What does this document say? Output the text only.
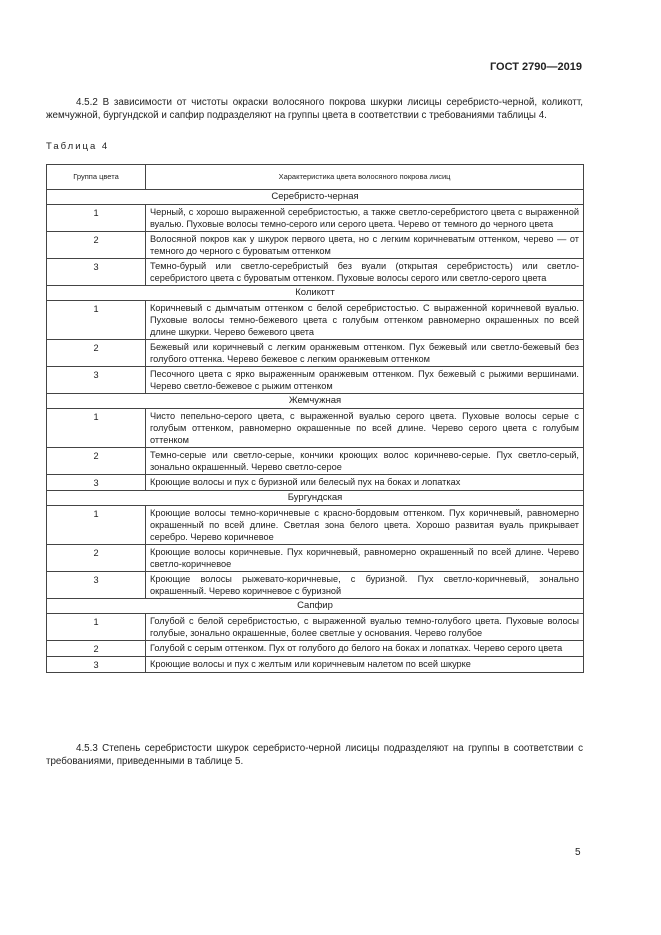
ГОСТ 2790—2019
4.5.2 В зависимости от чистоты окраски волосяного покрова шкурки лисицы серебристо-черной, коликотт, жемчужной, бургундской и сапфир подразделяют на группы цвета в соответствии с требованиями таблицы 4.
Таблица 4
Группа цвета	Характеристика цвета волосяного покрова лисиц
Серебристо-черная	
1	Черный, с хорошо выраженной серебристостью, а также светло-серебристого цвета с выраженной вуалью. Пуховые волосы темно-серого или серого цвета. Черево от темного до черного цвета
2	Волосяной покров как у шкурок первого цвета, но с легким коричневатым оттенком, черево — от темного до черного с буроватым оттенком
3	Темно-бурый или светло-серебристый без вуали (открытая серебристость) или светло-серебристого цвета с буроватым оттенком. Пуховые волосы серого или светло-серого цвета
Коликотт	
1	Коричневый с дымчатым оттенком с белой серебристостью. С выраженной коричневой вуалью. Пуховые волосы темно-бежевого цвета с голубым оттенком равномерно окрашенных по всей длине шкурки. Черево бежевого цвета
2	Бежевый или коричневый с легким оранжевым оттенком. Пух бежевый или светло-бежевый без голубого оттенка. Черево бежевое с легким оранжевым оттенком
3	Песочного цвета с ярко выраженным оранжевым оттенком. Пух бежевый с рыжими вершинами. Черево светло-бежевое с рыжим оттенком
Жемчужная	
1	Чисто пепельно-серого цвета, с выраженной вуалью серого цвета. Пуховые волосы серые с голубым оттенком, равномерно окрашенные по всей длине. Черево серого цвета с голубым оттенком
2	Темно-серые или светло-серые, кончики кроющих волос коричнево-серые. Пух светло-серый, зонально окрашенный. Черево светло-серое
3	Кроющие волосы и пух с буризной или белесый пух на боках и лопатках
Бургундская	
1	Кроющие волосы темно-коричневые с красно-бордовым оттенком. Пух коричневый, равномерно окрашенный по всей длине. Светлая зона белого цвета. Хорошо развитая вуаль прикрывает серебро. Черево коричневое
2	Кроющие волосы коричневые. Пух коричневый, равномерно окрашенный по всей длине. Черево светло-коричневое
3	Кроющие волосы рыжевато-коричневые, с буризной. Пух светло-коричневый, зонально окрашенный. Черево коричневое с буризной
Сапфир	
1	Голубой с белой серебристостью, с выраженной вуалью темно-голубого цвета. Пуховые волосы голубые, зонально окрашенные, более светлые у основания. Черево голубое
2	Голубой с серым оттенком. Пух от голубого до белого на боках и лопатках. Черево серого цвета
3	Кроющие волосы и пух с желтым или коричневым налетом по всей шкурке
4.5.3 Степень серебристости шкурок серебристо-черной лисицы подразделяют на группы в соответствии с требованиями, приведенными в таблице 5.
5
